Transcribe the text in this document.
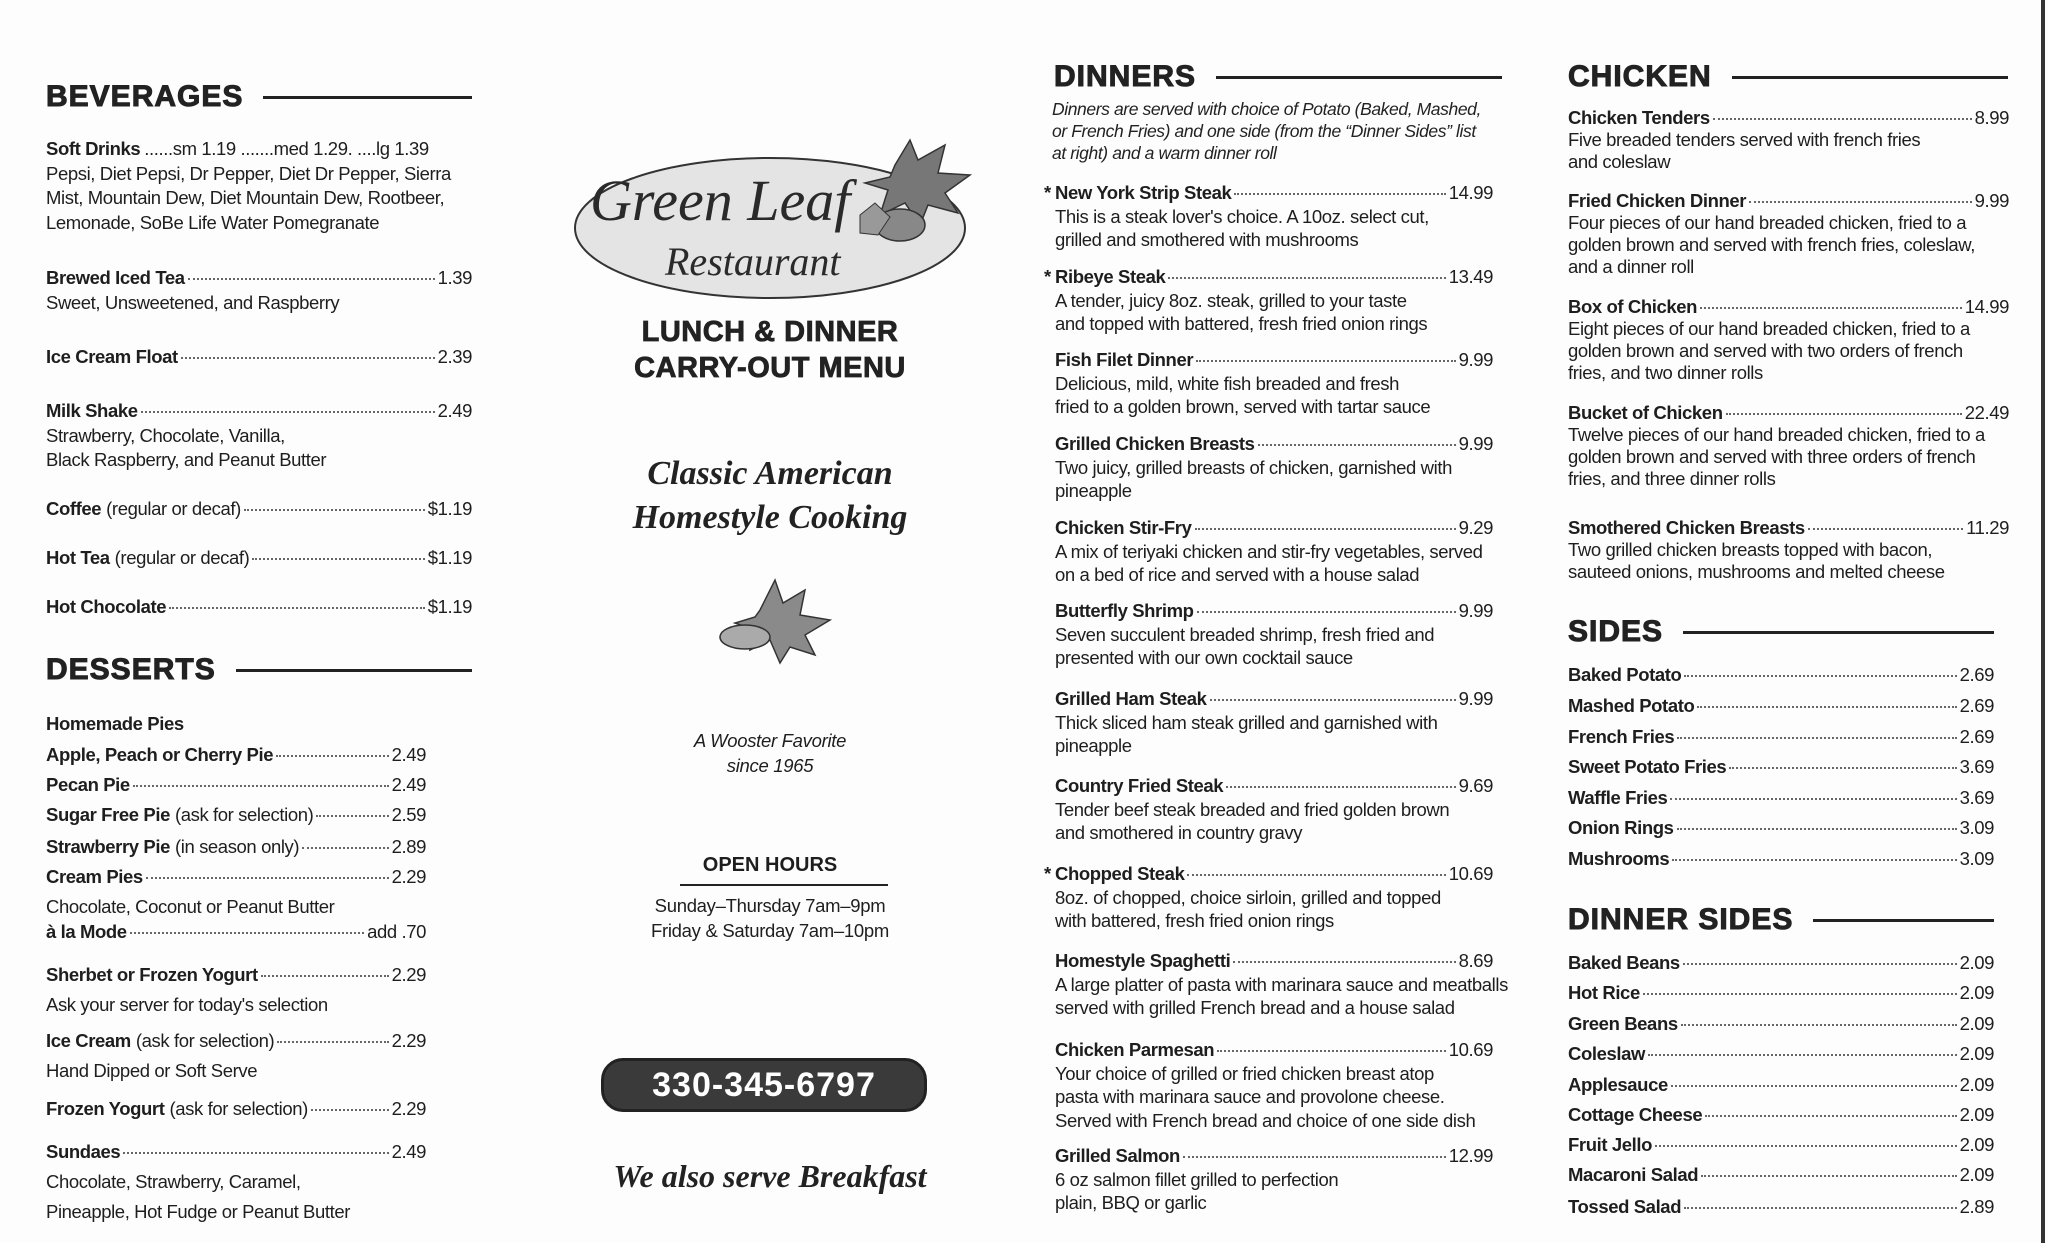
BEVERAGES
DESSERTS
DINNERS
Dinners are served with choice of Potato (Baked, Mashed,
or French Fries) and one side (from the “Dinner Sides” list
at right) and a warm dinner roll
CHICKEN
SIDES
DINNER SIDES
Green Leaf
Restaurant
LUNCH & DINNER
CARRY-OUT MENU
Classic American
Homestyle Cooking
A Wooster Favorite
since 1965
OPEN HOURS
Sunday–Thursday 7am–9pm
Friday & Saturday 7am–10pm
330-345-6797
We also serve Breakfast
Soft Drinks ......sm 1.19 .......med 1.29. ....lg 1.39
Pepsi, Diet Pepsi, Dr Pepper, Diet Dr Pepper, Sierra
Mist, Mountain Dew, Diet Mountain Dew, Rootbeer,
Lemonade, SoBe Life Water Pomegranate
Brewed Iced Tea	1.39
Sweet, Unsweetened, and Raspberry
Ice Cream Float	2.39
Milk Shake	2.49
Strawberry, Chocolate, Vanilla,
Black Raspberry, and Peanut Butter
Coffee (regular or decaf)	$1.19
Hot Tea (regular or decaf)	$1.19
Hot Chocolate	$1.19
Homemade Pies
Apple, Peach or Cherry Pie	2.49
Pecan Pie	2.49
Sugar Free Pie (ask for selection)	2.59
Strawberry Pie (in season only)	2.89
Cream Pies	2.29
Chocolate, Coconut or Peanut Butter
à la Mode	add .70
Sherbet or Frozen Yogurt	2.29
Ask your server for today's selection
Ice Cream (ask for selection)	2.29
Hand Dipped or Soft Serve
Frozen Yogurt (ask for selection)	2.29
Sundaes	2.49
Chocolate, Strawberry, Caramel,
Pineapple, Hot Fudge or Peanut Butter
* New York Strip Steak	14.99
This is a steak lover's choice. A 10oz. select cut,
grilled and smothered with mushrooms
* Ribeye Steak	13.49
A tender, juicy 8oz. steak, grilled to your taste
and topped with battered, fresh fried onion rings
Fish Filet Dinner	9.99
Delicious, mild, white fish breaded and fresh
fried to a golden brown, served with tartar sauce
Grilled Chicken Breasts	9.99
Two juicy, grilled breasts of chicken, garnished with
pineapple
Chicken Stir-Fry	9.29
A mix of teriyaki chicken and stir-fry vegetables, served
on a bed of rice and served with a house salad
Butterfly Shrimp	9.99
Seven succulent breaded shrimp, fresh fried and
presented with our own cocktail sauce
Grilled Ham Steak	9.99
Thick sliced ham steak grilled and garnished with
pineapple
Country Fried Steak	9.69
Tender beef steak breaded and fried golden brown
and smothered in country gravy
* Chopped Steak	10.69
8oz. of chopped, choice sirloin, grilled and topped
with battered, fresh fried onion rings
Homestyle Spaghetti	8.69
A large platter of pasta with marinara sauce and meatballs
served with grilled French bread and a house salad
Chicken Parmesan	10.69
Your choice of grilled or fried chicken breast atop
pasta with marinara sauce and provolone cheese.
Served with French bread and choice of one side dish
Grilled Salmon	12.99
6 oz salmon fillet grilled to perfection
plain, BBQ or garlic
Chicken Tenders	8.99
Five breaded tenders served with french fries
and coleslaw
Fried Chicken Dinner	9.99
Four pieces of our hand breaded chicken, fried to a
golden brown and served with french fries, coleslaw,
and a dinner roll
Box of Chicken	14.99
Eight pieces of our hand breaded chicken, fried to a
golden brown and served with two orders of french
fries, and two dinner rolls
Bucket of Chicken	22.49
Twelve pieces of our hand breaded chicken, fried to a
golden brown and served with three orders of french
fries, and three dinner rolls
Smothered Chicken Breasts	11.29
Two grilled chicken breasts topped with bacon,
sauteed onions, mushrooms and melted cheese
Baked Potato	2.69
Mashed Potato	2.69
French Fries	2.69
Sweet Potato Fries	3.69
Waffle Fries	3.69
Onion Rings	3.09
Mushrooms	3.09
Baked Beans	2.09
Hot Rice	2.09
Green Beans	2.09
Coleslaw	2.09
Applesauce	2.09
Cottage Cheese	2.09
Fruit Jello	2.09
Macaroni Salad	2.09
Tossed Salad	2.89
